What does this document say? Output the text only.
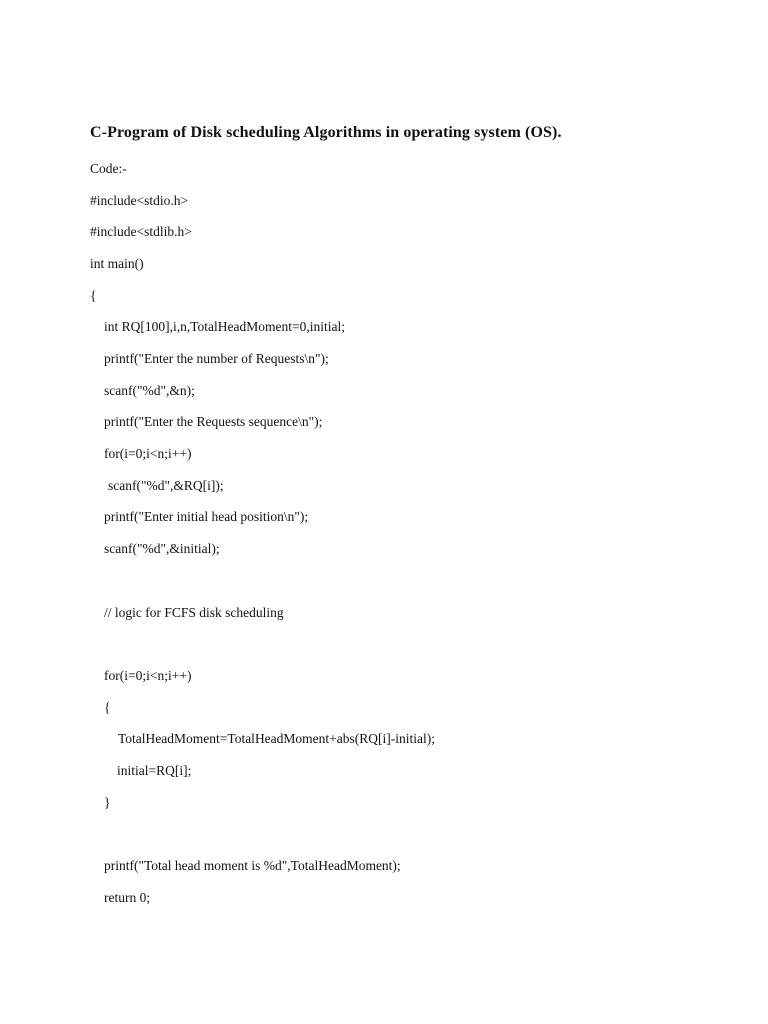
C-Program of Disk scheduling Algorithms in operating system (OS).
Code:-
#include<stdio.h>
#include<stdlib.h>
int main()
{
int RQ[100],i,n,TotalHeadMoment=0,initial;
printf("Enter the number of Requests\n");
scanf("%d",&n);
printf("Enter the Requests sequence\n");
for(i=0;i<n;i++)
scanf("%d",&RQ[i]);
printf("Enter initial head position\n");
scanf("%d",&initial);
// logic for FCFS disk scheduling
for(i=0;i<n;i++)
{
TotalHeadMoment=TotalHeadMoment+abs(RQ[i]-initial);
initial=RQ[i];
}
printf("Total head moment is %d",TotalHeadMoment);
return 0;
